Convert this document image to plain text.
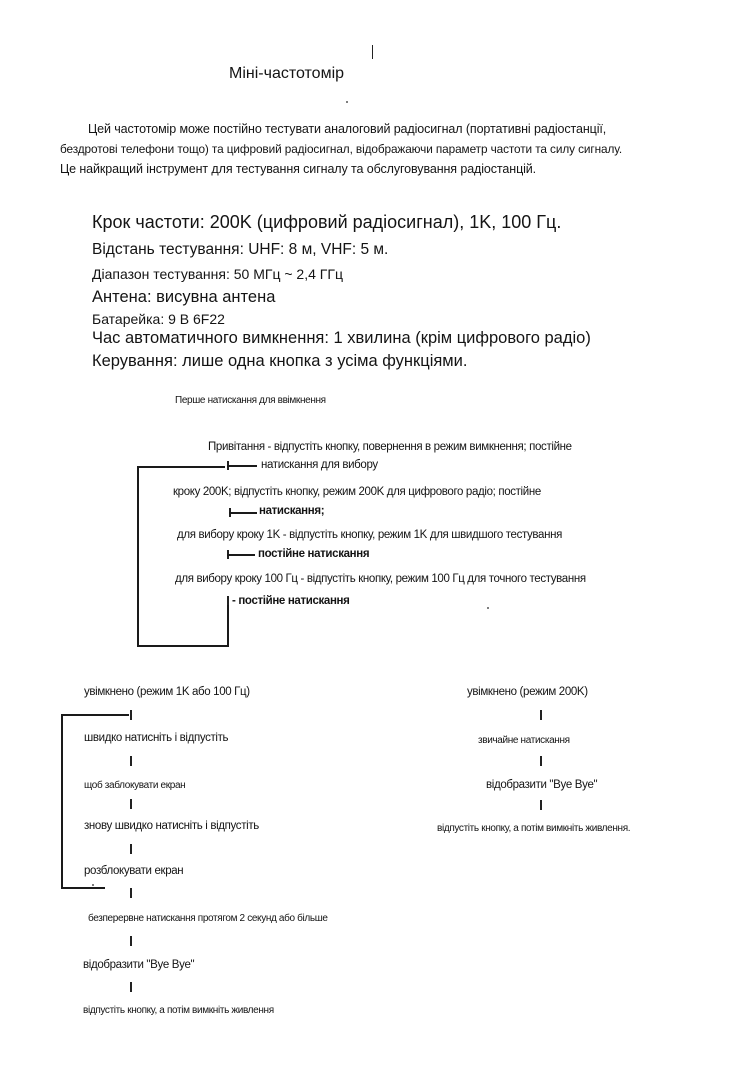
Міні-частотомір
Цей частотомір може постійно тестувати аналоговий радіосигнал (портативні радіостанції,
бездротові телефони тощо) та цифровий радіосигнал, відображаючи параметр частоти та силу сигналу.
Це найкращий інструмент для тестування сигналу та обслуговування радіостанцій.
Крок частоти: 200K (цифровий радіосигнал), 1K, 100 Гц.
Відстань тестування: UHF: 8 м, VHF: 5 м.
Діапазон тестування: 50 МГц ~ 2,4 ГГц
Антена: висувна антена
Батарейка: 9 В 6F22
Час автоматичного вимкнення: 1 хвилина (крім цифрового радіо)
Керування: лише одна кнопка з усіма функціями.
Перше натискання для ввімкнення
Привітання - відпустіть кнопку, повернення в режим вимкнення; постійне
натискання для вибору
кроку 200K; відпустіть кнопку, режим 200K для цифрового радіо; постійне
натискання;
для вибору кроку 1K - відпустіть кнопку, режим 1K для швидшого тестування
постійне натискання
для вибору кроку 100 Гц - відпустіть кнопку, режим 100 Гц для точного тестування
- постійне натискання
увімкнено (режим 1K або 100 Гц)
швидко натисніть і відпустіть
щоб заблокувати екран
знову швидко натисніть і відпустіть
розблокувати екран
безперервне натискання протягом 2 секунд або більше
відобразити "Bye Bye"
відпустіть кнопку, а потім вимкніть живлення
увімкнено (режим 200K)
звичайне натискання
відобразити "Bye Bye"
відпустіть кнопку, а потім вимкніть живлення.
